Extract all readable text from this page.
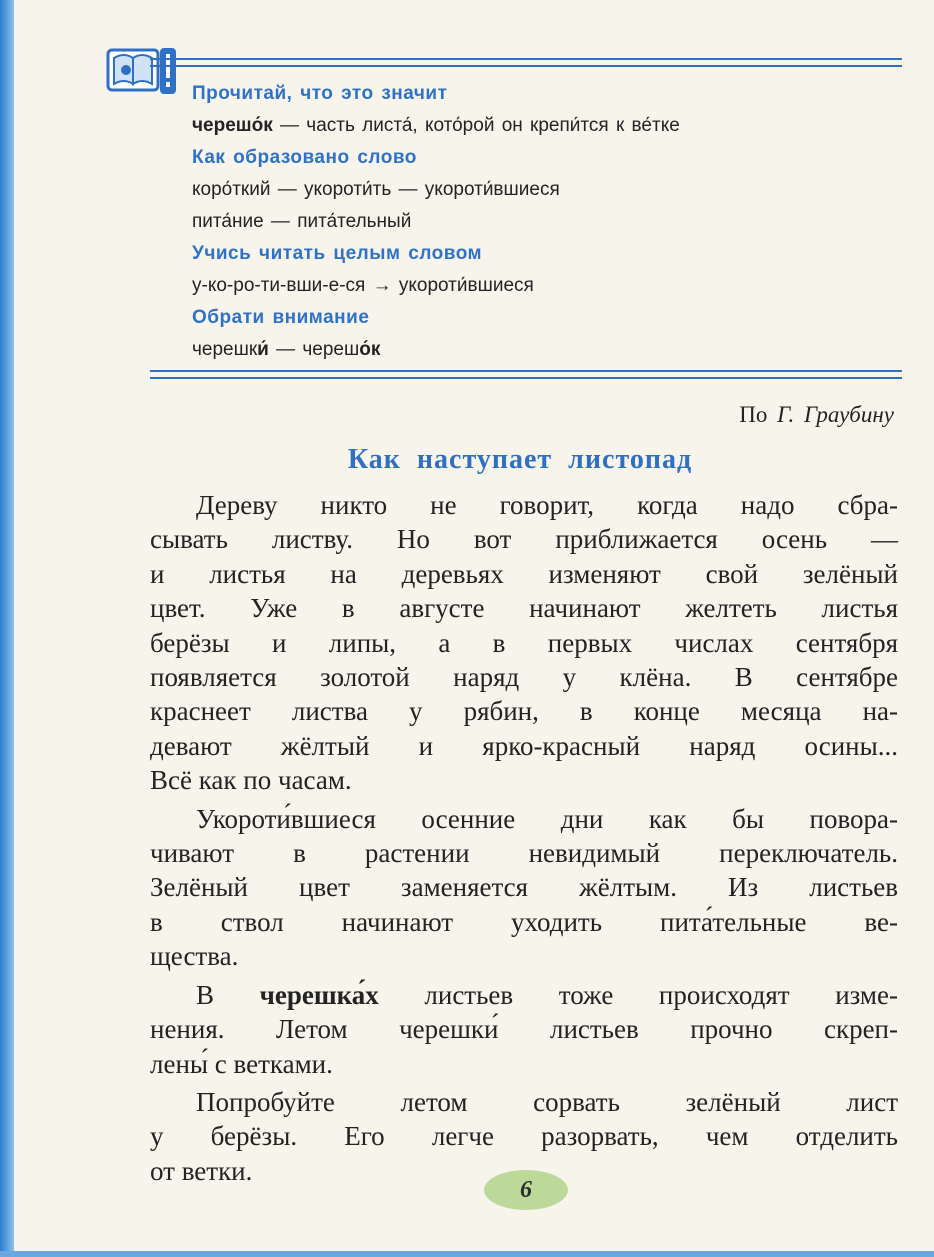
Прочитай, что это значит
черешо́к — часть листа́, кото́рой он крепи́тся к ве́тке
Как образовано слово
коро́ткий — укороти́ть — укороти́вшиеся
пита́ние — пита́тельный
Учись читать целым словом
у-ко-ро-ти-вши-е-ся → укороти́вшиеся
Обрати внимание
черешки́ — черешо́к
По Г. Граубину
Как наступает листопад

Дереву никто не говорит, когда надо сбра-
сывать листву. Но вот приближается осень —
и листья на деревьях изменяют свой зелёный
цвет. Уже в августе начинают желтеть листья
берёзы и липы, а в первых числах сентября
появляется золотой наряд у клёна. В сентябре
краснеет листва у рябин, в конце месяца на-
девают жёлтый и ярко-красный наряд осины...
Всё как по часам.

Укороти́вшиеся осенние дни как бы повора-
чивают в растении невидимый переключатель.
Зелёный цвет заменяется жёлтым. Из листьев
в ствол начинают уходить пита́тельные ве-
щества.

В черешка́х листьев тоже происходят изме-
нения. Летом черешки́ листьев прочно скреп-
лены́ с ветками.

Попробуйте летом сорвать зелёный лист
у берёзы. Его легче разорвать, чем отделить
от ветки.

6
